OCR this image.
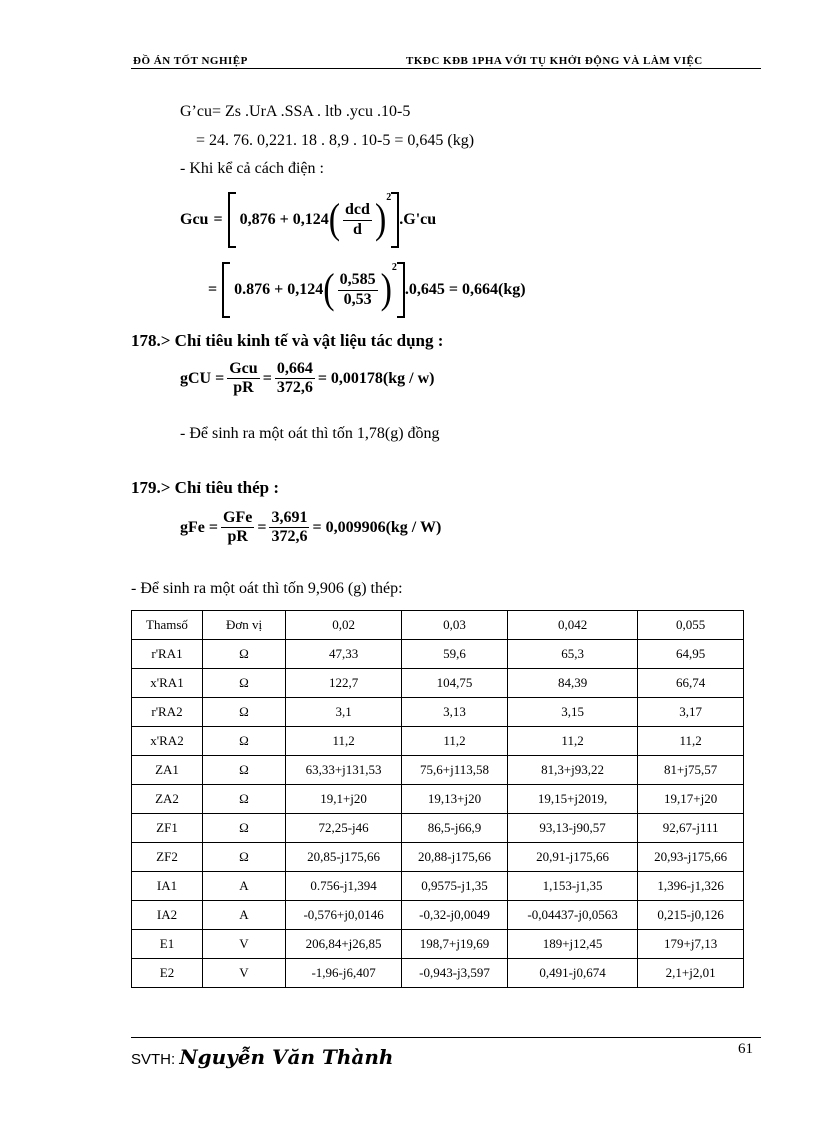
ĐỒ ÁN TỐT NGHIỆP	TKĐC KĐB 1PHA VỚI TỤ KHỞI ĐỘNG VÀ LÀM VIỆC
G’cu= Zs .UrA .SSA . ltb .ycu .10-5
= 24. 76. 0,221. 18 . 8,9 . 10-5 = 0,645 (kg)
- Khi kể cả cách điện :
Gcu = 0,876 + 0,124 ( $\frac{\text{dcd}}{d} )^2$
.G'cu
= 0.876 + 0,124 ( $\frac{0,585}{0,53} )^2$
.0,645 = 0,664(kg)
178.> Chỉ tiêu kinh tế và vật liệu tác dụng :
gCU = $\frac{\text{Gcu}}{pR} = \frac{0,664}{372,6} = 0,00178(kg / w)$
- Để sinh ra một oát thì tốn 1,78(g) đồng
179.> Chỉ tiêu thép :
gFe = $\frac{\text{GFe}}{pR} = \frac{3,691}{372,6} = 0,009906(kg / W)$
- Để sinh ra một oát thì tốn 9,906 (g) thép:
Thamsố	Đơn vị	0,02	0,03	0,042	0,055
r'RA1	Ω	47,33	59,6	65,3	64,95
x'RA1	Ω	122,7	104,75	84,39	66,74
r'RA2	Ω	3,1	3,13	3,15	3,17
x'RA2	Ω	11,2	11,2	11,2	11,2
ZA1	Ω	63,33+j131,53	75,6+j113,58	81,3+j93,22	81+j75,57
ZA2	Ω	19,1+j20	19,13+j20	19,15+j2019,	19,17+j20
ZF1	Ω	72,25-j46	86,5-j66,9	93,13-j90,57	92,67-j111
ZF2	Ω	20,85-j175,66	20,88-j175,66	20,91-j175,66	20,93-j175,66
IA1	A	0.756-j1,394	0,9575-j1,35	1,153-j1,35	1,396-j1,326
IA2	A	-0,576+j0,0146	-0,32-j0,0049	-0,04437-j0,0563	0,215-j0,126
E1	V	206,84+j26,85	198,7+j19,69	189+j12,45	179+j7,13
E2	V	-1,96-j6,407	-0,943-j3,597	0,491-j0,674	2,1+j2,01
SVTH: Nguyễn Văn Thành	61
